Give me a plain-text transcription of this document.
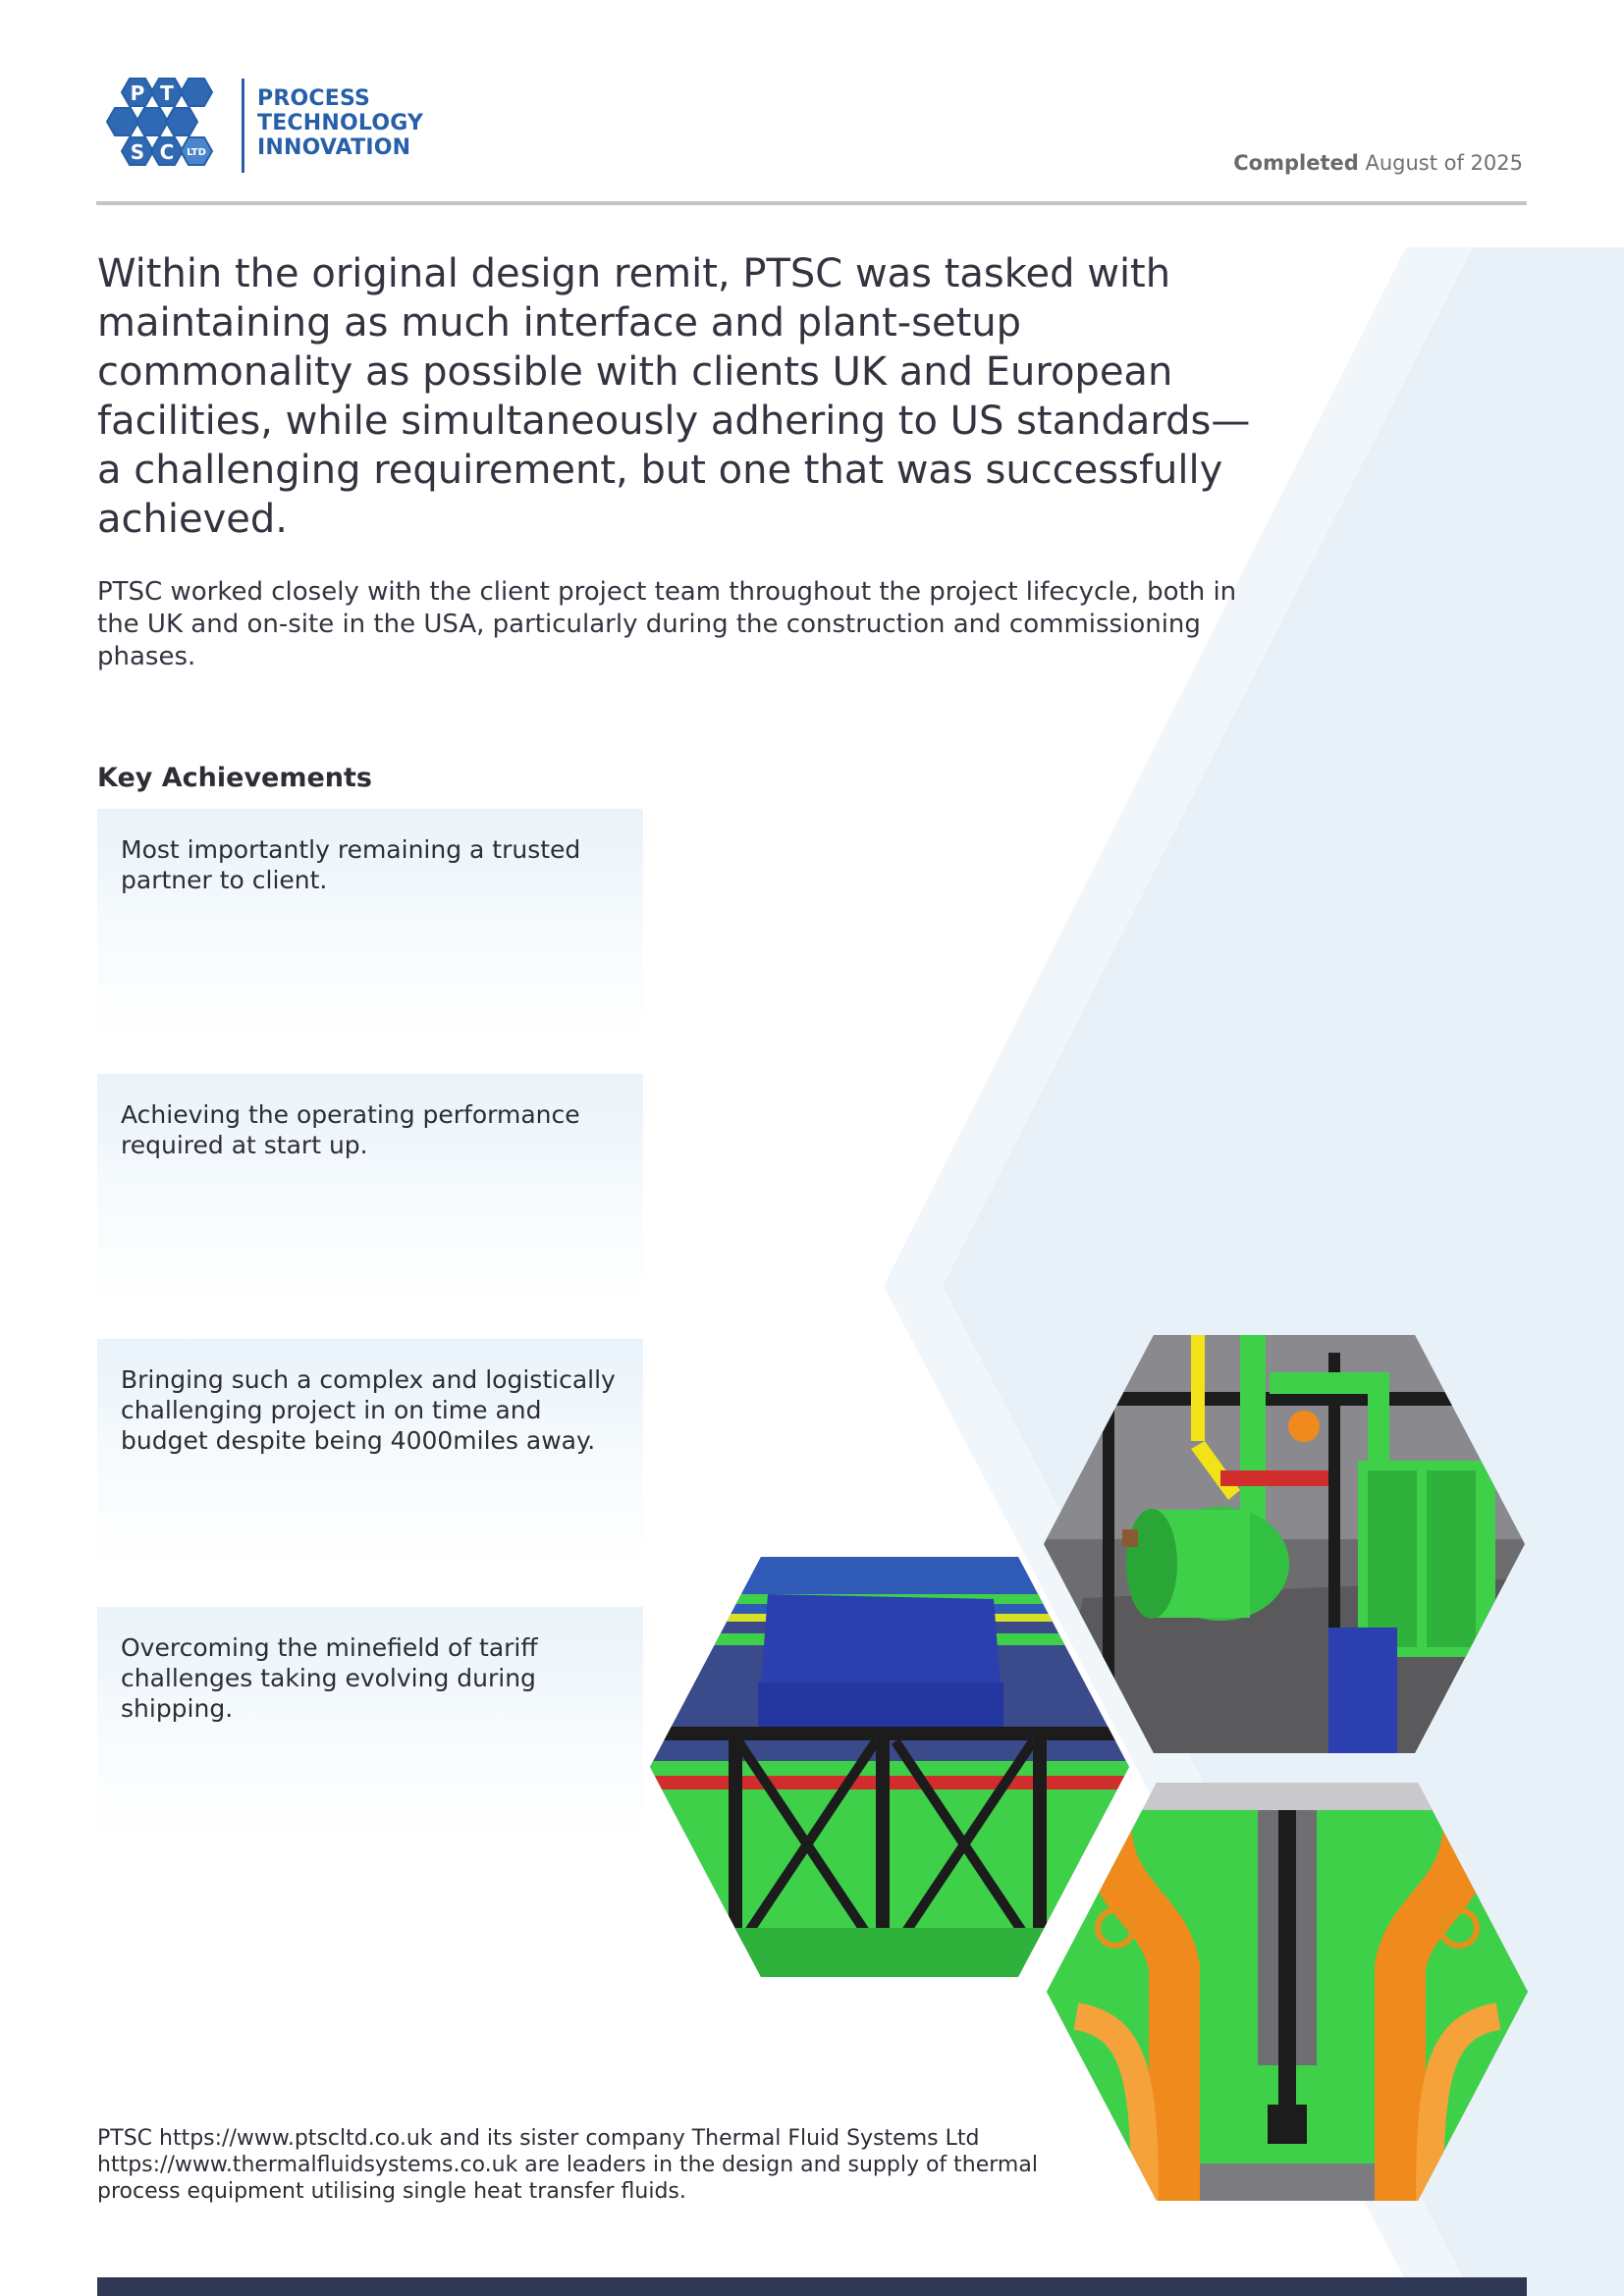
P T
S C LTD
PROCESS
TECHNOLOGY
INNOVATION
Completed August of 2025
Within the original design remit, PTSC was tasked with maintaining as much interface and plant-setup commonality as possible with clients UK and European facilities, while simultaneously adhering to US standards—a challenging requirement, but one that was successfully achieved.
PTSC worked closely with the client project team throughout the project lifecycle, both in the UK and on-site in the USA, particularly during the construction and commissioning phases.
Key Achievements
Most importantly remaining a trusted partner to client.
Achieving the operating performance required at start up.
Bringing such a complex and logistically challenging project in on time and budget despite being 4000miles away.
Overcoming the minefield of tariff challenges taking evolving during shipping.
PTSC https://www.ptscltd.co.uk and its sister company Thermal Fluid Systems Ltd https://www.thermalfluidsystems.co.uk are leaders in the design and supply of thermal process equipment utilising single heat transfer fluids.
